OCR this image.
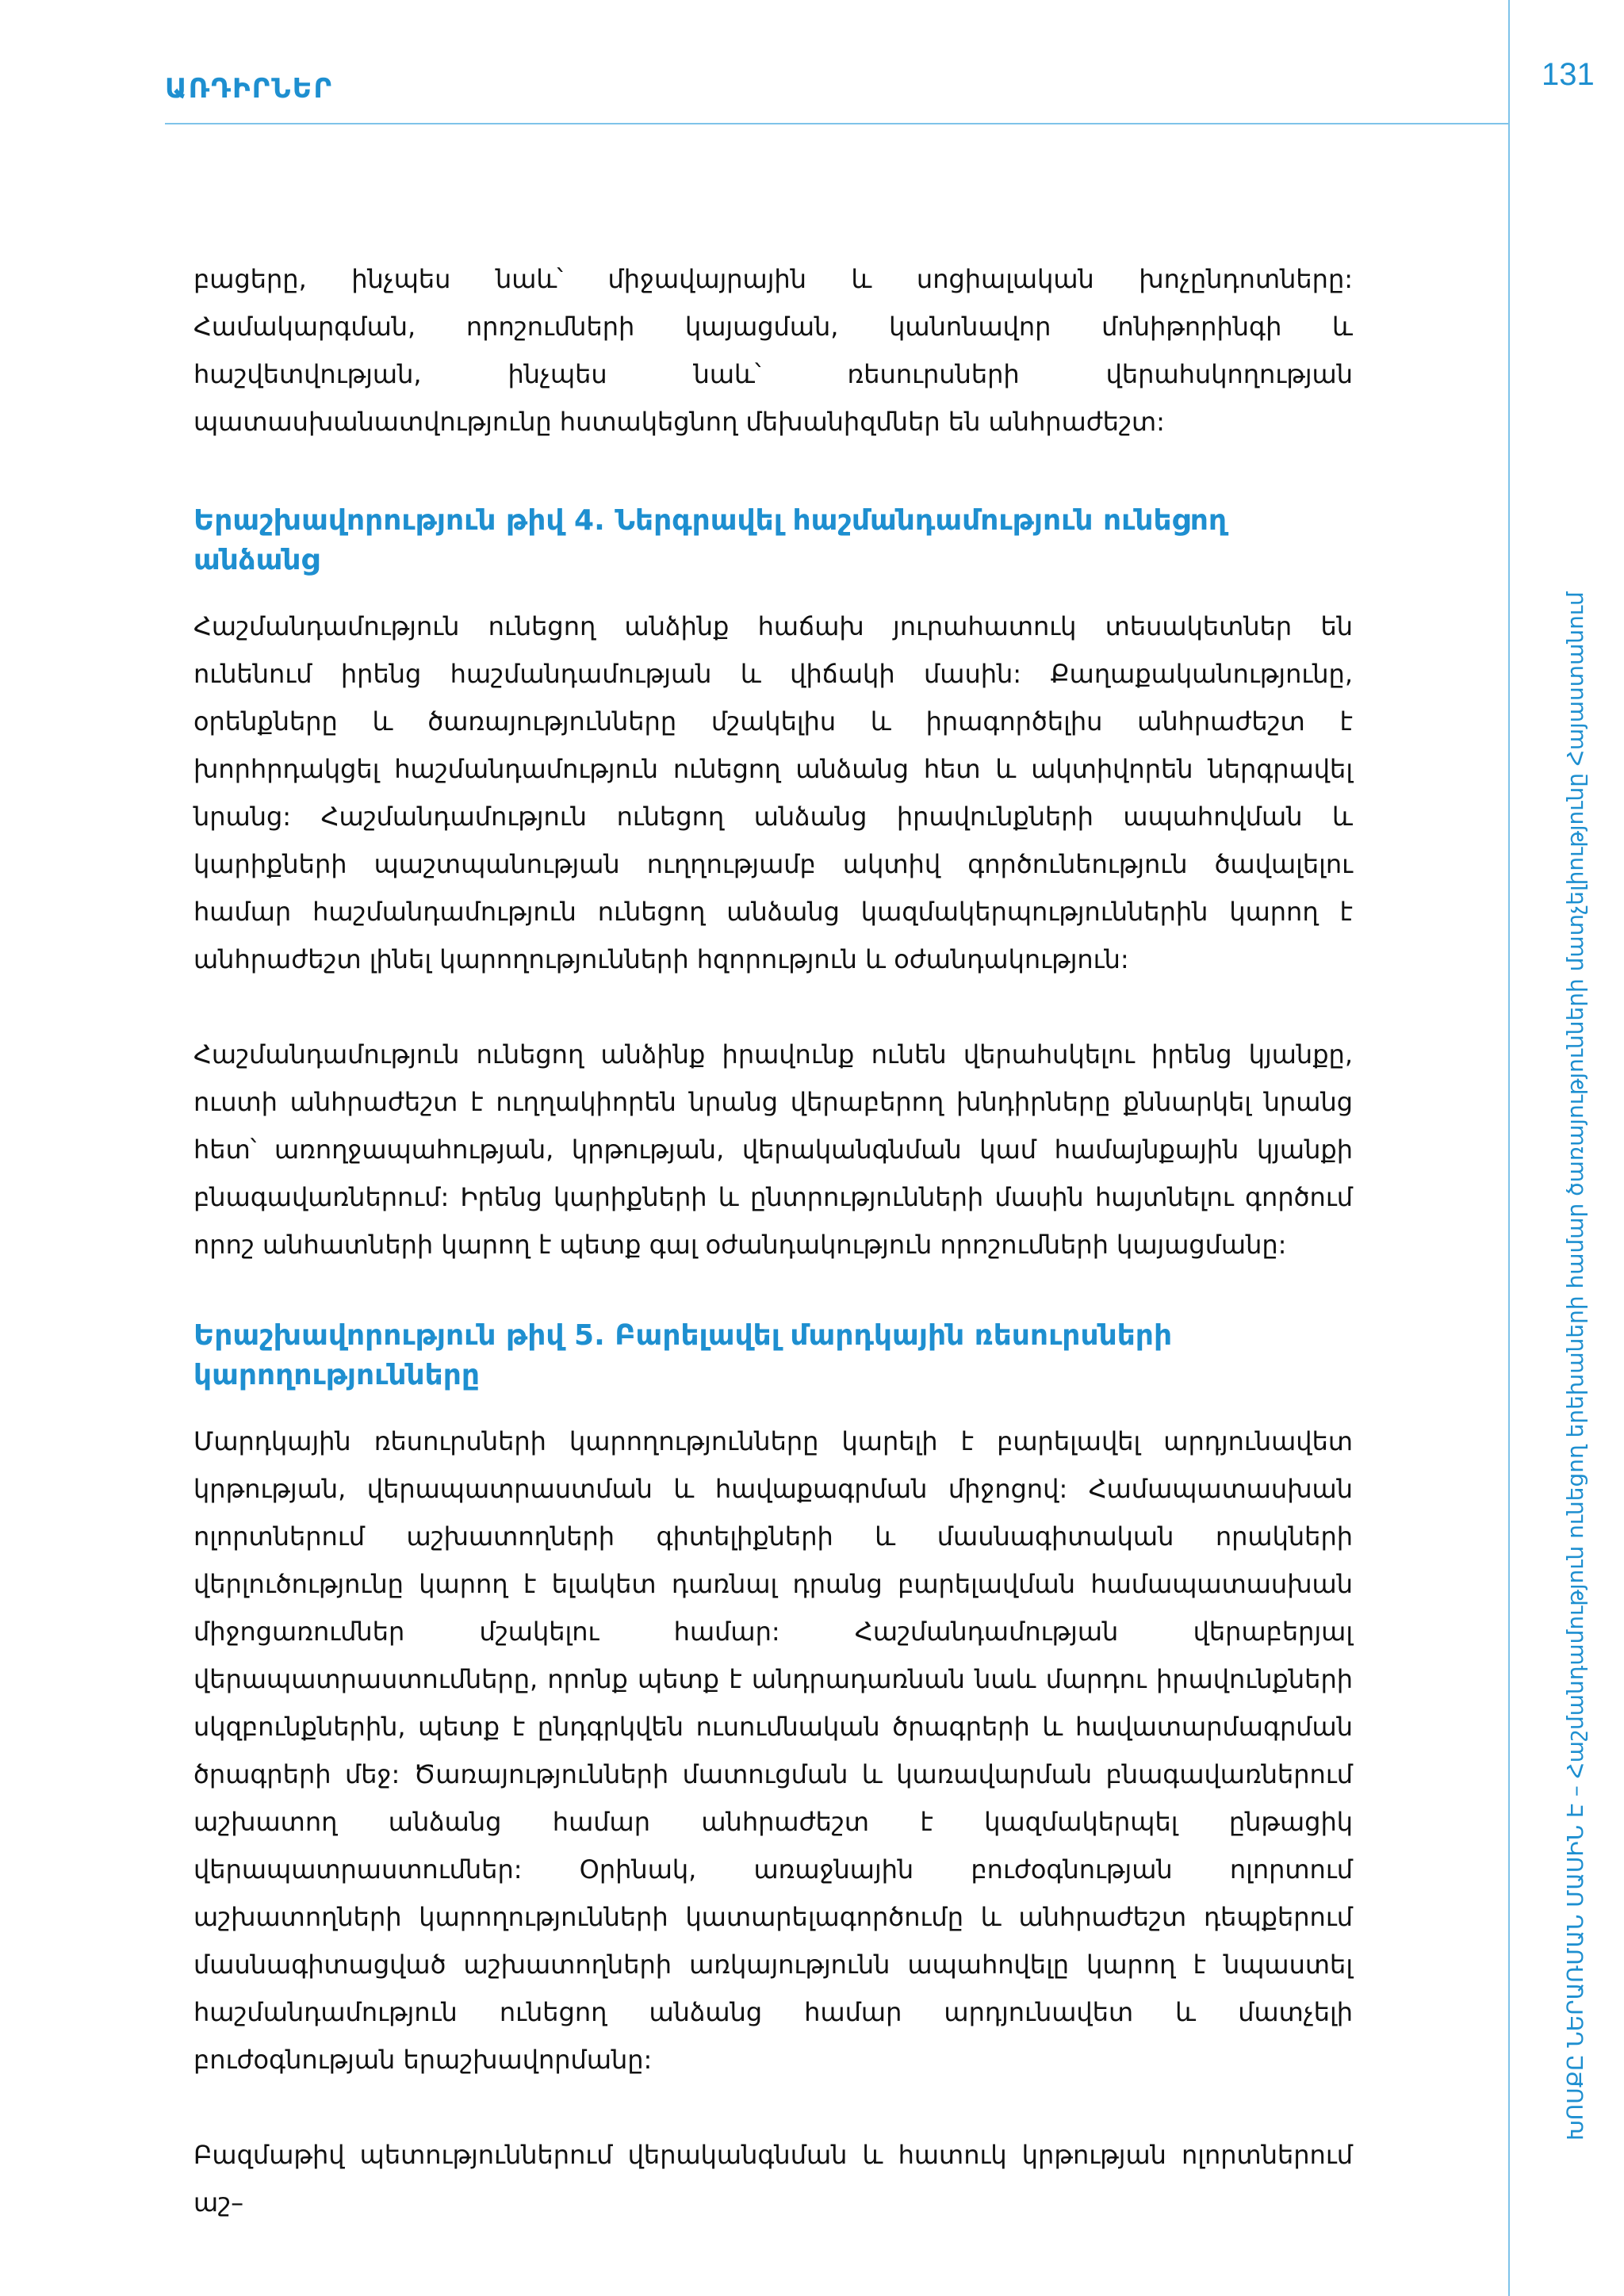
ԱՌԴԻՐՆԵՐ	131
ԽՈՍՔԸ ՆԵՐԱՌՄԱՆ ՄԱՍԻՆ Է – Հաշմանդամություն ունեցող երեխաների համար ծառայությունների մատչելիությունը Հայաստանում

բացերը, ինչպես նաև՝ միջավայրային և սոցիալական խոչընդոտները: Համակարգման, որոշումների կայացման, կանոնավոր մոնիթորինգի և հաշվետվության, ինչպես նաև՝ ռեսուրսների վերահսկողության պատասխանատվությունը հստակեցնող մեխանիզմներ են անհրաժեշտ:

Երաշխավորություն թիվ 4. Ներգրավել հաշմանդամություն ունեցող անձանց

Հաշմանդամություն ունեցող անձինք հաճախ յուրահատուկ տեսակետներ են ունենում իրենց հաշմանդամության և վիճակի մասին: Քաղաքականությունը, օրենքները և ծառայությունները մշակելիս և իրագործելիս անհրաժեշտ է խորհրդակցել հաշմանդամություն ունեցող անձանց հետ և ակտիվորեն ներգրավել նրանց: Հաշմանդամություն ունեցող անձանց իրավունքների ապահովման և կարիքների պաշտպանության ուղղությամբ ակտիվ գործունեություն ծավալելու համար հաշմանդամություն ունեցող անձանց կազմակերպություններին կարող է անհրաժեշտ լինել կարողությունների հզորություն և օժանդակություն:

Հաշմանդամություն ունեցող անձինք իրավունք ունեն վերահսկելու իրենց կյանքը, ուստի անհրաժեշտ է ուղղակիորեն նրանց վերաբերող խնդիրները քննարկել նրանց հետ՝ առողջապահության, կրթության, վերականգնման կամ համայնքային կյանքի բնագավառներում: Իրենց կարիքների և ընտրությունների մասին հայտնելու գործում որոշ անհատների կարող է պետք գալ օժանդակություն որոշումների կայացմանը:

Երաշխավորություն թիվ 5. Բարելավել մարդկային ռեսուրսների կարողությունները

Մարդկային ռեսուրսների կարողությունները կարելի է բարելավել արդյունավետ կրթության, վերապատրաստման և հավաքագրման միջոցով: Համապատասխան ոլորտներում աշխատողների գիտելիքների և մասնագիտական որակների վերլուծությունը կարող է ելակետ դառնալ դրանց բարելավման համապատասխան միջոցառումներ մշակելու համար: Հաշմանդամության վերաբերյալ վերապատրաստումները, որոնք պետք է անդրադառնան նաև մարդու իրավունքների սկզբունքներին, պետք է ընդգրկվեն ուսումնական ծրագրերի և հավատարմագրման ծրագրերի մեջ: Ծառայությունների մատուցման և կառավարման բնագավառներում աշխատող անձանց համար անհրաժեշտ է կազմակերպել ընթացիկ վերապատրաստումներ: Օրինակ, առաջնային բուժօգնության ոլորտում աշխատողների կարողությունների կատարելագործումը և անհրաժեշտ դեպքերում մասնագիտացված աշխատողների առկայությունն ապահովելը կարող է նպաստել հաշմանդամություն ունեցող անձանց համար արդյունավետ և մատչելի բուժօգնության երաշխավորմանը:

Բազմաթիվ պետություններում վերականգնման և հատուկ կրթության ոլորտներում աշ–
